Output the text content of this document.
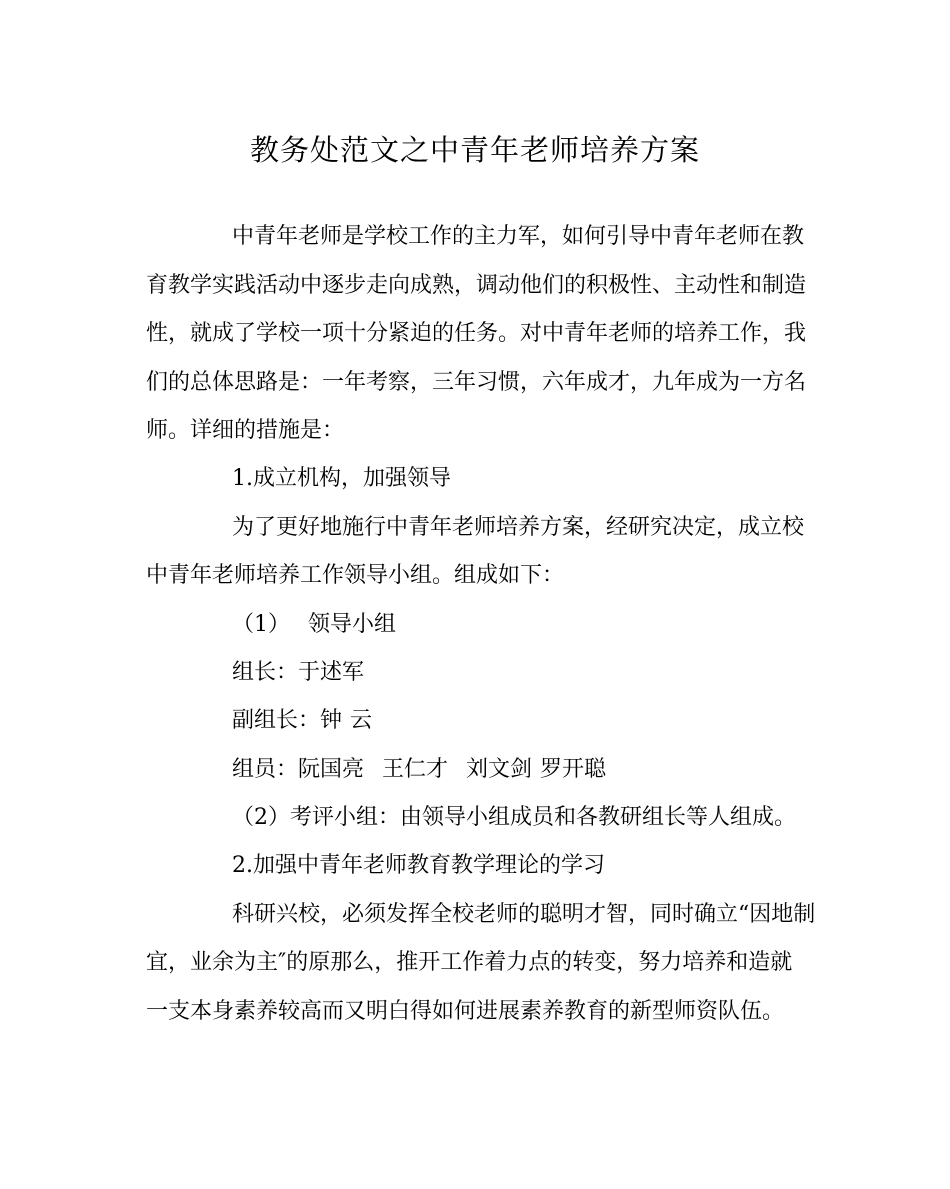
教务处范文之中青年老师培养方案
中青年老师是学校工作的主力军，如何引导中青年老师在教
育教学实践活动中逐步走向成熟，调动他们的积极性、主动性和制造
性，就成了学校一项十分紧迫的任务。对中青年老师的培养工作，我
们的总体思路是：一年考察，三年习惯，六年成才，九年成为一方名
师。详细的措施是：
1.成立机构，加强领导
为了更好地施行中青年老师培养方案，经研究决定，成立校
中青年老师培养工作领导小组。组成如下：
（1） 领导小组
组长：于述军
副组长：钟 云
组员：阮国亮 王仁才 刘文剑 罗开聪
（2）考评小组：由领导小组成员和各教研组长等人组成。
2.加强中青年老师教育教学理论的学习
科研兴校，必须发挥全校老师的聪明才智，同时确立“因地制
宜，业余为主″的原那么，推开工作着力点的转变，努力培养和造就
一支本身素养较高而又明白得如何进展素养教育的新型师资队伍。
